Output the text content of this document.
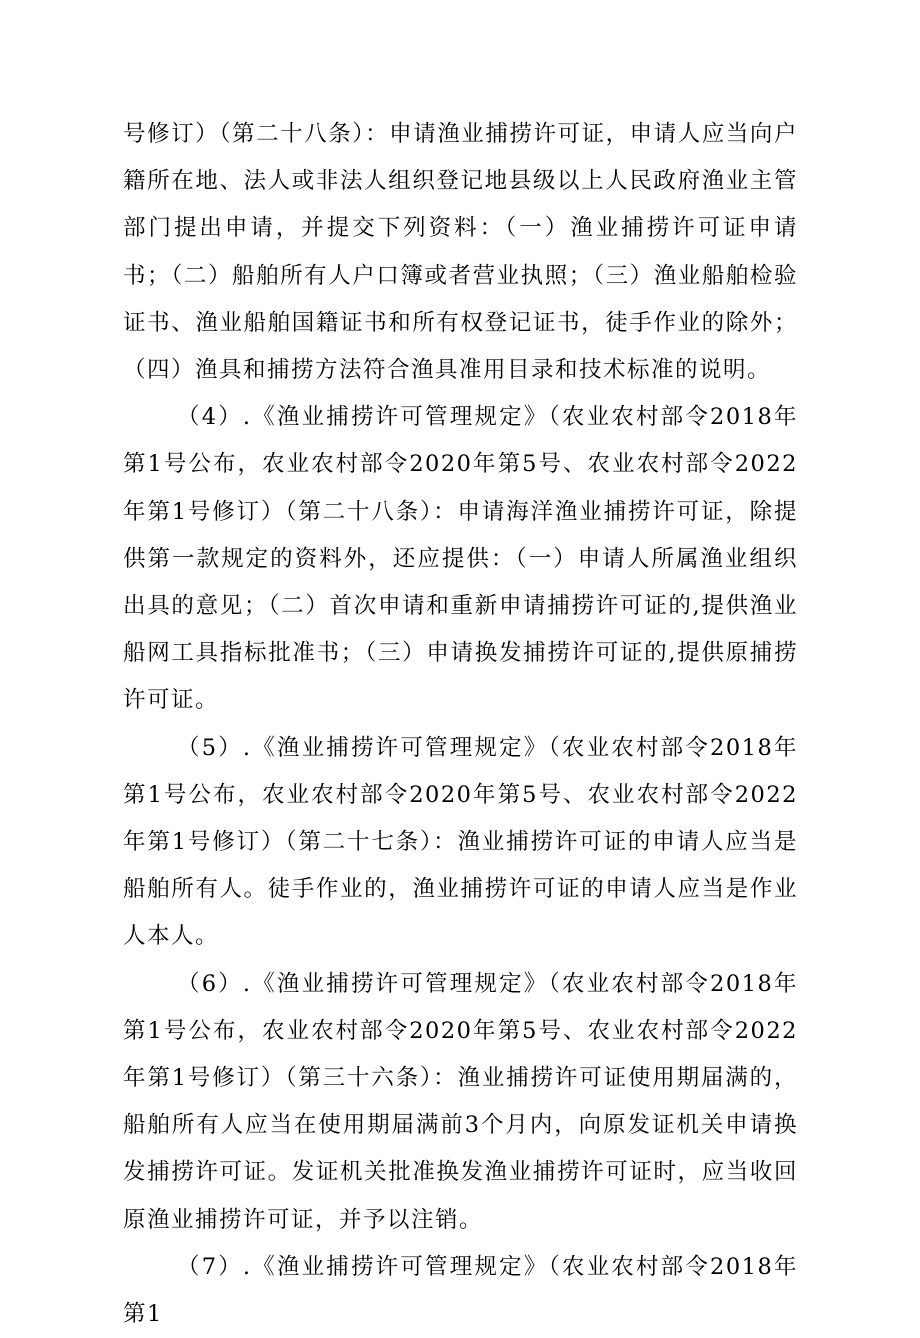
号修订）（第二十八条）：申请渔业捕捞许可证，申请人应当向户籍所在地、法人或非法人组织登记地县级以上人民政府渔业主管部门提出申请，并提交下列资料：（一）渔业捕捞许可证申请书；（二）船舶所有人户口簿或者营业执照；（三）渔业船舶检验证书、渔业船舶国籍证书和所有权登记证书，徒手作业的除外；（四）渔具和捕捞方法符合渔具准用目录和技术标准的说明。

（4）.《渔业捕捞许可管理规定》（农业农村部令2018年第1号公布，农业农村部令2020年第5号、农业农村部令2022年第1号修订）（第二十八条）：申请海洋渔业捕捞许可证，除提供第一款规定的资料外，还应提供：（一）申请人所属渔业组织出具的意见；（二）首次申请和重新申请捕捞许可证的,提供渔业船网工具指标批准书；（三）申请换发捕捞许可证的,提供原捕捞许可证。

（5）.《渔业捕捞许可管理规定》（农业农村部令2018年第1号公布，农业农村部令2020年第5号、农业农村部令2022年第1号修订）（第二十七条）：渔业捕捞许可证的申请人应当是船舶所有人。徒手作业的，渔业捕捞许可证的申请人应当是作业人本人。

（6）.《渔业捕捞许可管理规定》（农业农村部令2018年第1号公布，农业农村部令2020年第5号、农业农村部令2022年第1号修订）（第三十六条）：渔业捕捞许可证使用期届满的，船舶所有人应当在使用期届满前3个月内，向原发证机关申请换发捕捞许可证。发证机关批准换发渔业捕捞许可证时，应当收回原渔业捕捞许可证，并予以注销。

（7）.《渔业捕捞许可管理规定》（农业农村部令2018年第1
